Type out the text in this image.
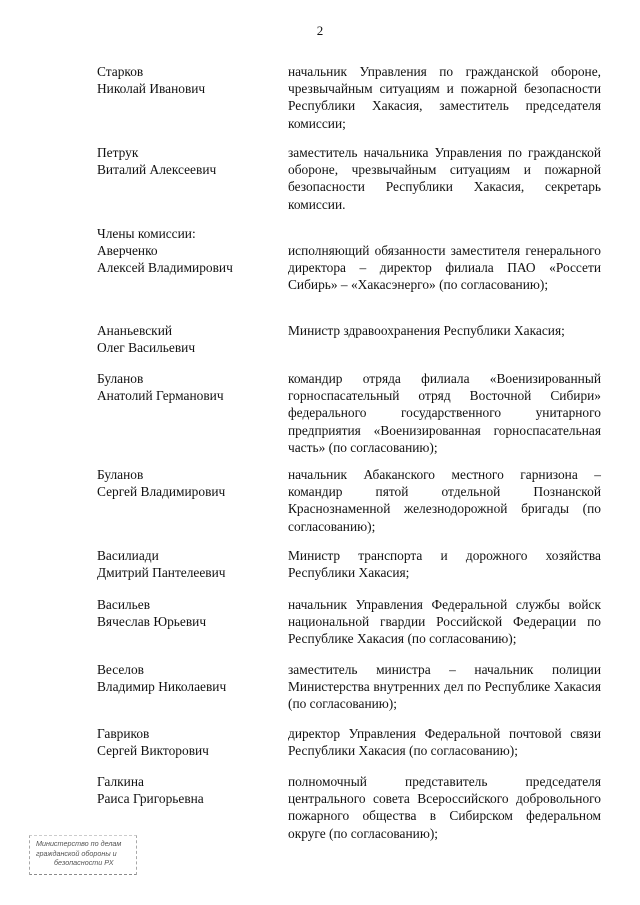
2
Старков
Николай Иванович
начальник Управления по гражданской обороне, чрезвычайным ситуациям и пожарной безопасности Республики Хакасия, заместитель председателя комиссии;
Петрук
Виталий Алексеевич
заместитель начальника Управления по гражданской обороне, чрезвычайным ситуациям и пожарной безопасности Республики Хакасия, секретарь комиссии.
Члены комиссии:
Аверченко
Алексей Владимирович
исполняющий обязанности заместителя генерального директора – директор филиала ПАО «Россети Сибирь» – «Хакасэнерго» (по согласованию);
Ананьевский
Олег Васильевич
Министр здравоохранения Республики Хакасия;
Буланов
Анатолий Германович
командир отряда филиала «Военизированный горноспасательный отряд Восточной Сибири» федерального государственного унитарного предприятия «Военизированная горноспасательная часть» (по согласованию);
Буланов
Сергей Владимирович
начальник Абаканского местного гарнизона – командир пятой отдельной Познанской Краснознаменной железнодорожной бригады (по согласованию);
Василиади
Дмитрий Пантелеевич
Министр транспорта и дорожного хозяйства Республики Хакасия;
Васильев
Вячеслав Юрьевич
начальник Управления Федеральной службы войск национальной гвардии Российской Федерации по Республике Хакасия (по согласованию);
Веселов
Владимир Николаевич
заместитель министра – начальник полиции Министерства внутренних дел по Республике Хакасия (по согласованию);
Гавриков
Сергей Викторович
директор Управления Федеральной почтовой связи Республики Хакасия (по согласованию);
Галкина
Раиса Григорьевна
полномочный представитель председателя центрального совета Всероссийского добровольного пожарного общества в Сибирском федеральном округе (по согласованию);
Министерство по делам
гражданской обороны и
безопасности РХ
